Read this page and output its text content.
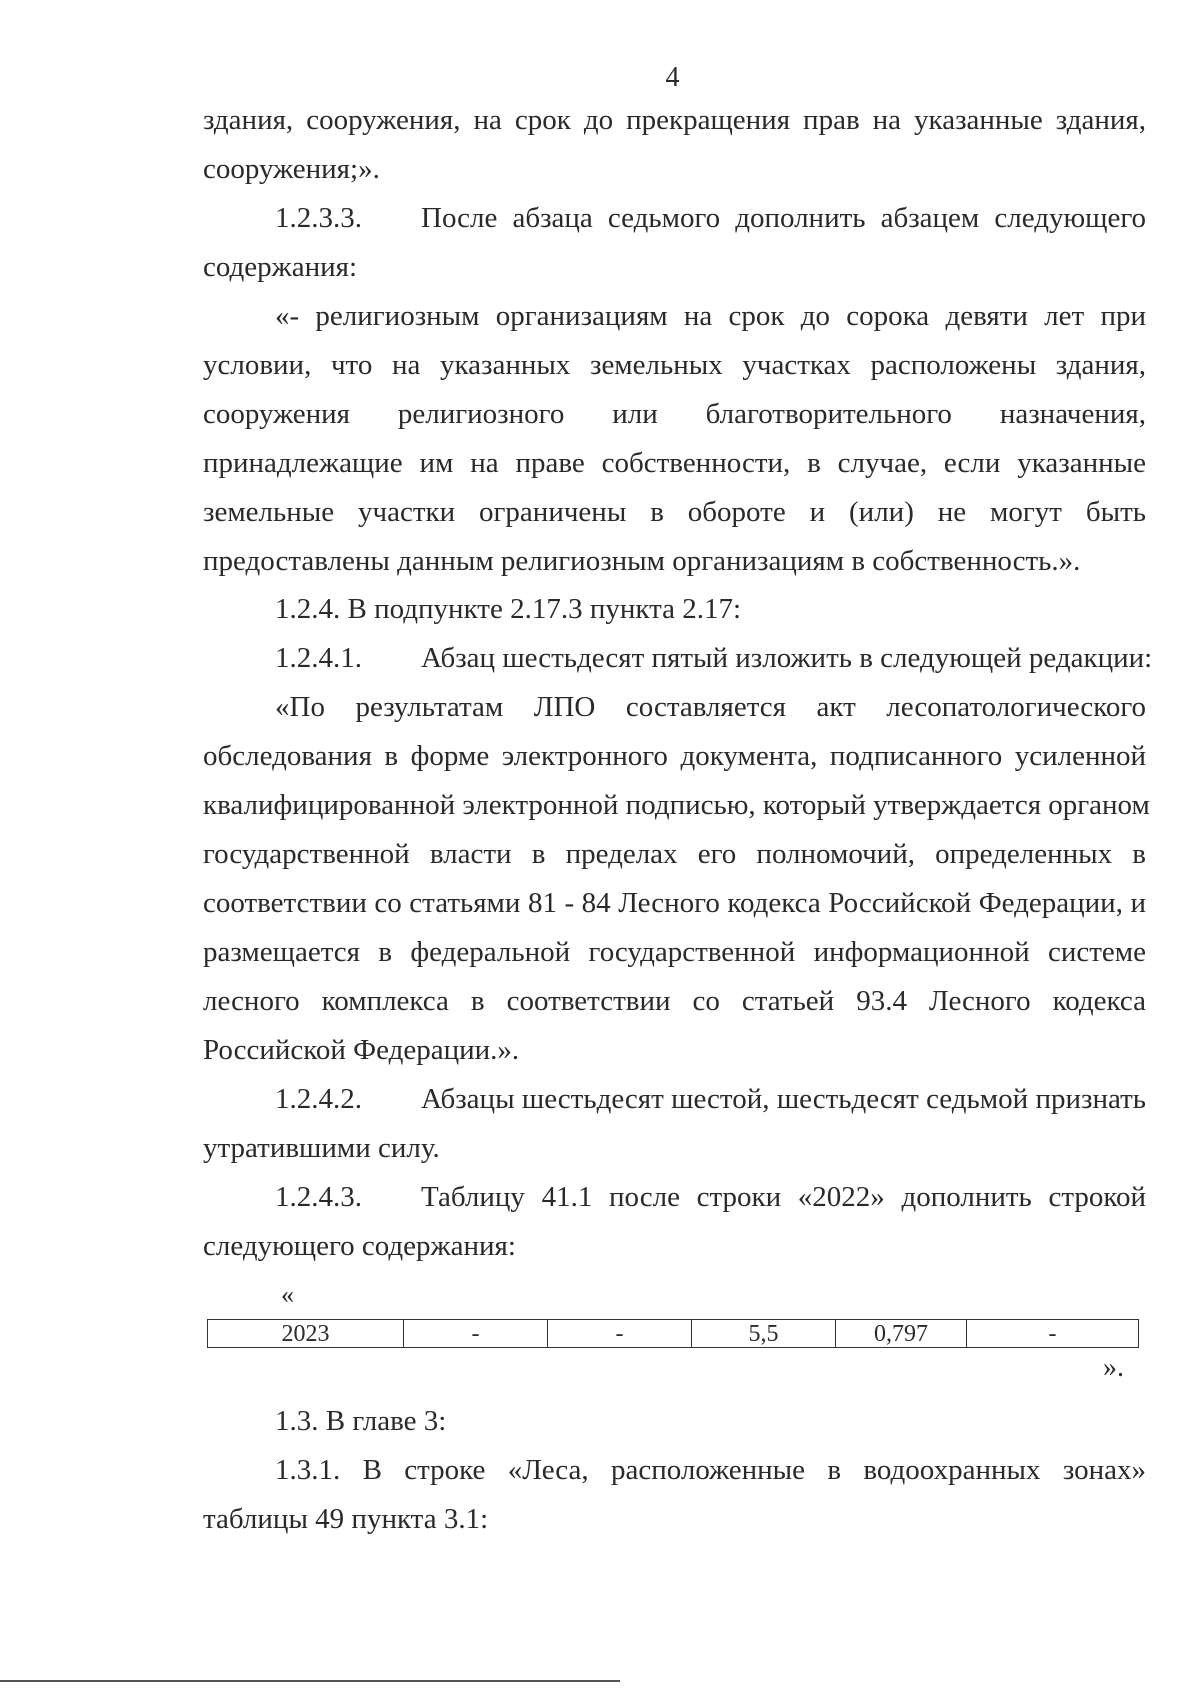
4
здания, сооружения, на срок до прекращения прав на указанные здания,
сооружения;».
1.2.3.3. После абзаца седьмого дополнить абзацем следующего
содержания:
«- религиозным организациям на срок до сорока девяти лет при
условии, что на указанных земельных участках расположены здания,
сооружения религиозного или благотворительного назначения,
принадлежащие им на праве собственности, в случае, если указанные
земельные участки ограничены в обороте и (или) не могут быть
предоставлены данным религиозным организациям в собственность.».
1.2.4. В подпункте 2.17.3 пункта 2.17:
1.2.4.1. Абзац шестьдесят пятый изложить в следующей редакции:
«По результатам ЛПО составляется акт лесопатологического
обследования в форме электронного документа, подписанного усиленной
квалифицированной электронной подписью, который утверждается органом
государственной власти в пределах его полномочий, определенных в
соответствии со статьями 81 - 84 Лесного кодекса Российской Федерации, и
размещается в федеральной государственной информационной системе
лесного комплекса в соответствии со статьей 93.4 Лесного кодекса
Российской Федерации.».
1.2.4.2. Абзацы шестьдесят шестой, шестьдесят седьмой признать
утратившими силу.
1.2.4.3. Таблицу 41.1 после строки «2022» дополнить строкой
следующего содержания:
«
2023	-	-	5,5	0,797	-
».
1.3. В главе 3:
1.3.1. В строке «Леса, расположенные в водоохранных зонах»
таблицы 49 пункта 3.1:
